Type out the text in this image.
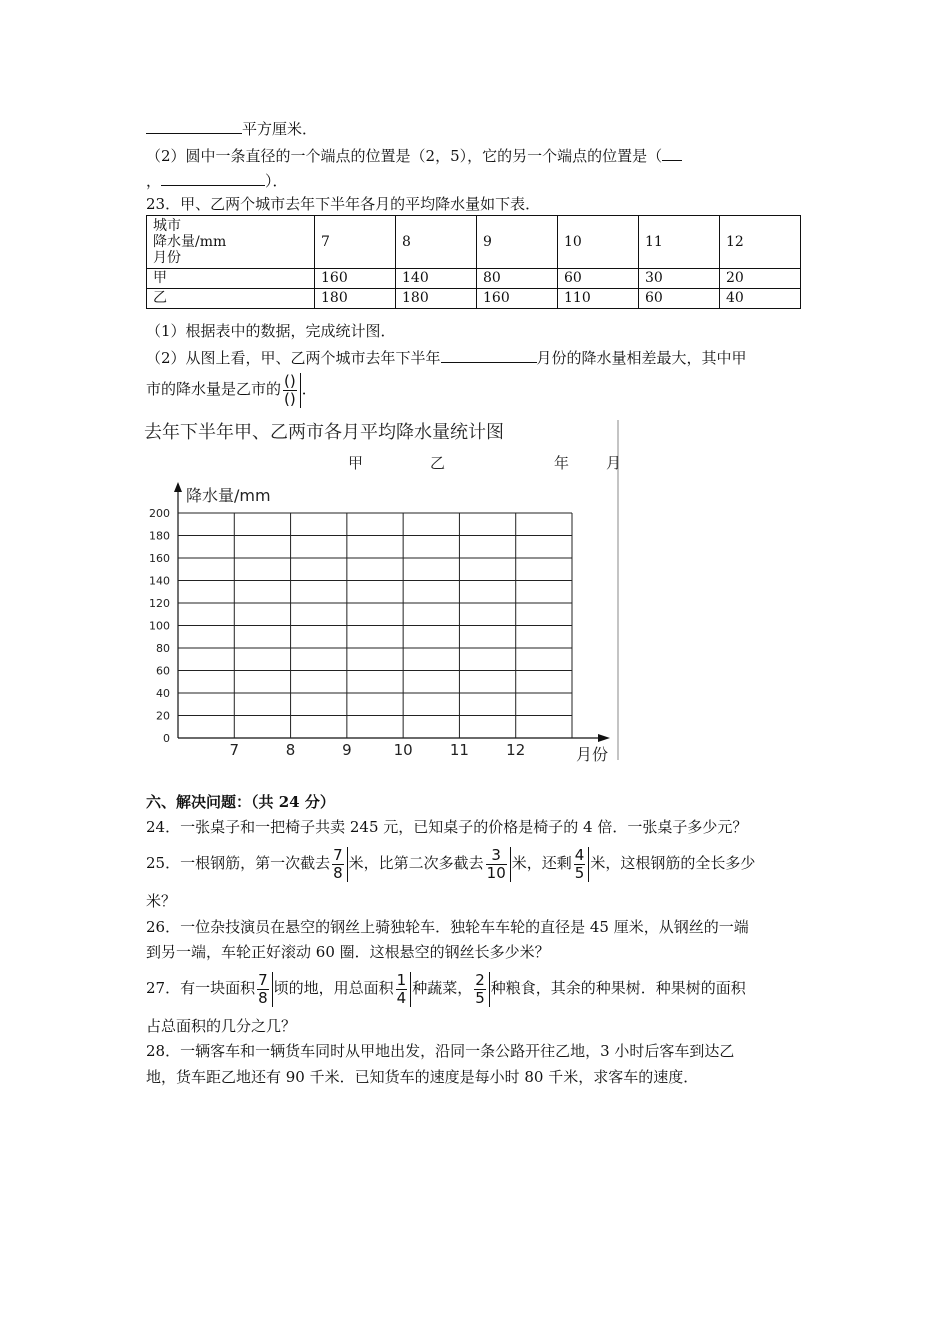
平方厘米．
（2）圆中一条直径的一个端点的位置是（2，5），它的另一个端点的位置是（
，	）．
23．甲、乙两个城市去年下半年各月的平均降水量如下表．
城市
降水量/mm
月份	7	8	9	10	11	12
甲	160	140	80	60	30	20
乙	180	180	160	110	60	40
（1）根据表中的数据，完成统计图．
（2）从图上看，甲、乙两个城市去年下半年	月份的降水量相差最大，其中甲
市的降水量是乙市的 $\frac{()}{()}$ ．
去年下半年甲、乙两市各月平均降水量统计图
甲	乙	年 月
降水量/mm
月份
0
20
40
60
80
100
120
140
160
180
200
7	8	9	10 11 12
六、解决问题：（共 24 分）
24．一张桌子和一把椅子共卖 245 元，已知桌子的价格是椅子的 4 倍．一张桌子多少元？
25．一根钢筋，第一次截去 $\frac{7}{8}$ 米，比第二次多截去 $\frac{3}{10}$ 米，还剩 $\frac{4}{5}$ 米，这根钢筋的全长多少
米？
26．一位杂技演员在悬空的钢丝上骑独轮车．独轮车车轮的直径是 45 厘米，从钢丝的一端
到另一端，车轮正好滚动 60 圈．这根悬空的钢丝长多少米？
27．有一块面积 $\frac{7}{8}$ 顷的地，用总面积 $\frac{1}{4}$ 种蔬菜， $\frac{2}{5}$ 种粮食，其余的种果树．种果树的面积
占总面积的几分之几？
28．一辆客车和一辆货车同时从甲地出发，沿同一条公路开往乙地，3 小时后客车到达乙
地，货车距乙地还有 90 千米．已知货车的速度是每小时 80 千米，求客车的速度．
